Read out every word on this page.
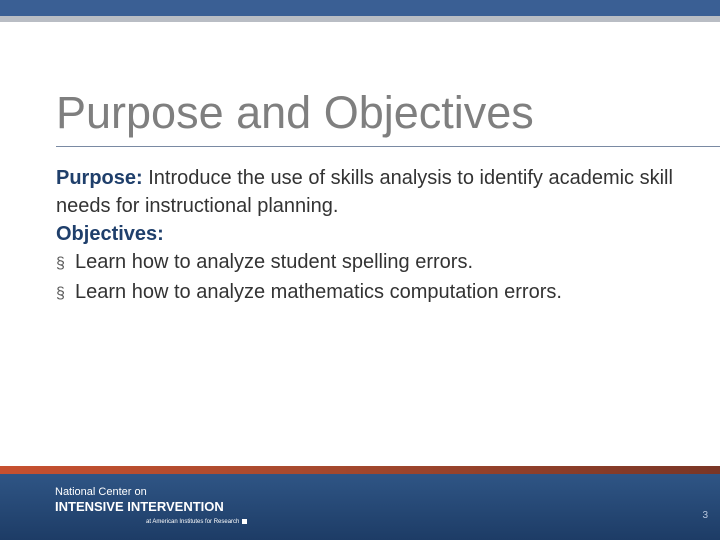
Purpose and Objectives

Purpose: Introduce the use of skills analysis to identify academic skill needs for instructional planning.

Objectives:

§ Learn how to analyze student spelling errors.

§ Learn how to analyze mathematics computation errors.

National Center on
INTENSIVE INTERVENTION
at American Institutes for Research
3
